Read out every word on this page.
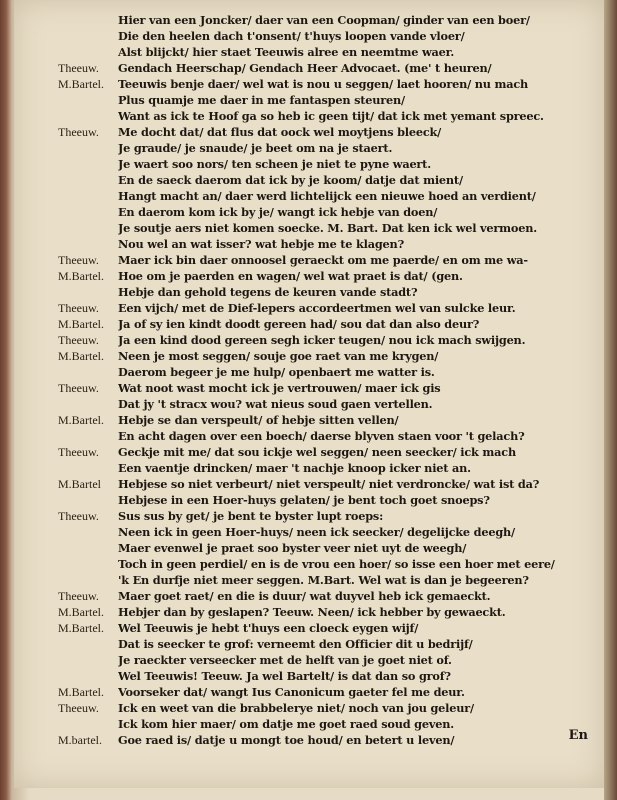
Hier van een Joncker/ daer van een Coopman/ ginder van een boer/
Die den heelen dach t'onsent/ t'huys loopen vande vloer/
Alst blijckt/ hier staet Teeuwis alree en neemtme waer.
Theeuw.	Gendach Heerschap/ Gendach Heer Advocaet. (me' t heuren/
M.Bartel.	Teeuwis benje daer/ wel wat is nou u seggen/ laet hooren/ nu mach
Plus quamje me daer in me fantaspen steuren/
Want as ick te Hoof ga so heb ic geen tijt/ dat ick met yemant spreec.
Theeuw.	Me docht dat/ dat flus dat oock wel moytjens bleeck/
Je graude/ je snaude/ je beet om na je staert.
Je waert soo nors/ ten scheen je niet te pyne waert.
En de saeck daerom dat ick by je koom/ datje dat mient/
Hangt macht an/ daer werd lichtelijck een nieuwe hoed an verdient/
En daerom kom ick by je/ wangt ick hebje van doen/
Je soutje aers niet komen soecke. M. Bart. Dat ken ick wel vermoen.
Nou wel an wat isser? wat hebje me te klagen?
Theeuw.	Maer ick bin daer onnoosel geraeckt om me paerde/ en om me wa-
M.Bartel.	Hoe om je paerden en wagen/ wel wat praet is dat/ (gen.
Hebje dan gehold tegens de keuren vande stadt?
Theeuw.	Een vijch/ met de Dief-lepers accordeertmen wel van sulcke leur.
M.Bartel.	Ja of sy ien kindt doodt gereen had/ sou dat dan also deur?
Theeuw.	Ja een kind dood gereen segh icker teugen/ nou ick mach swijgen.
M.Bartel.	Neen je most seggen/ souje goe raet van me krygen/
Daerom begeer je me hulp/ openbaert me watter is.
Theeuw.	Wat noot wast mocht ick je vertrouwen/ maer ick gis
Dat jy 't stracx wou? wat nieus soud gaen vertellen.
M.Bartel.	Hebje se dan verspeult/ of hebje sitten vellen/
En acht dagen over een boech/ daerse blyven staen voor 't gelach?
Theeuw.	Geckje mit me/ dat sou ickje wel seggen/ neen seecker/ ick mach
Een vaentje drincken/ maer 't nachje knoop icker niet an.
M.Bartel	Hebjese so niet verbeurt/ niet verspeult/ niet verdroncke/ wat ist da?
Hebjese in een Hoer-huys gelaten/ je bent toch goet snoeps?
Theeuw.	Sus sus by get/ je bent te byster lupt roeps:
Neen ick in geen Hoer-huys/ neen ick seecker/ degelijcke deegh/
Maer evenwel je praet soo byster veer niet uyt de weegh/
Toch in geen perdiel/ en is de vrou een hoer/ so isse een hoer met eere/
'k En durfje niet meer seggen. M.Bart. Wel wat is dan je begeeren?
Theeuw.	Maer goet raet/ en die is duur/ wat duyvel heb ick gemaeckt.
M.Bartel.	Hebjer dan by geslapen? Teeuw. Neen/ ick hebber by gewaeckt.
M.Bartel.	Wel Teeuwis je hebt t'huys een cloeck eygen wijf/
Dat is seecker te grof: verneemt den Officier dit u bedrijf/
Je raeckter verseecker met de helft van je goet niet of.
Wel Teeuwis! Teeuw. Ja wel Bartelt/ is dat dan so grof?
M.Bartel.	Voorseker dat/ wangt Ius Canonicum gaeter fel me deur.
Theeuw.	Ick en weet van die brabbelerye niet/ noch van jou geleur/
Ick kom hier maer/ om datje me goet raed soud geven.
M.bartel.	Goe raed is/ datje u mongt toe houd/ en betert u leven/	En
